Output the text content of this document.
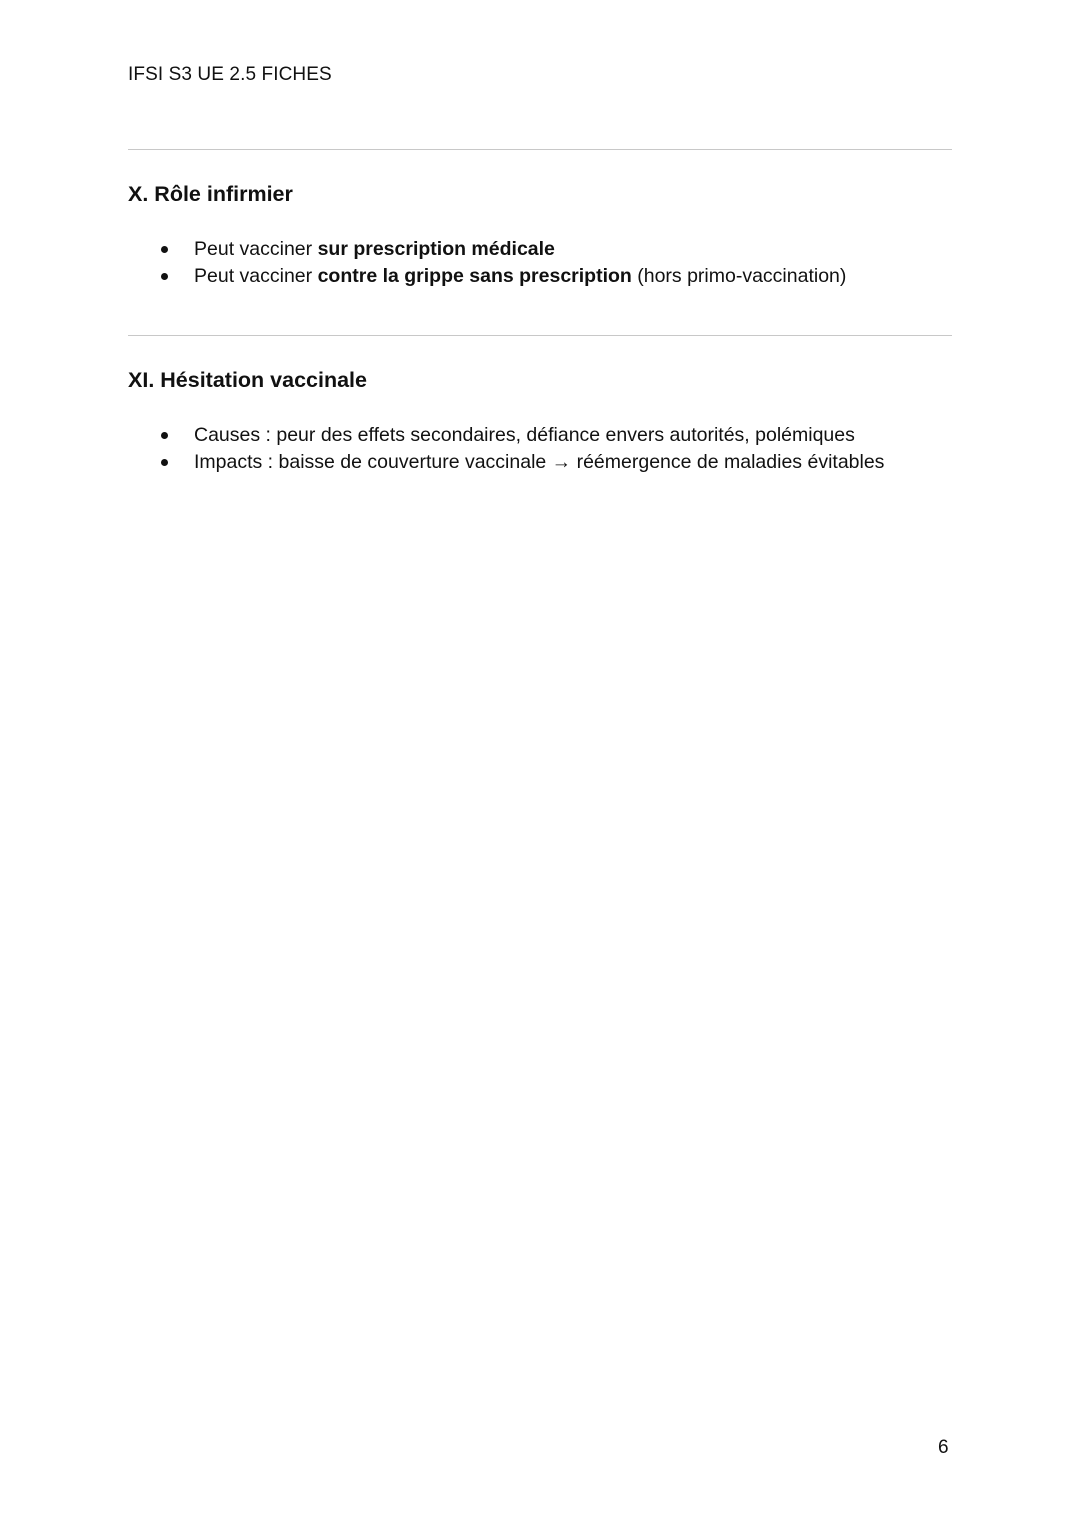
IFSI S3 UE 2.5 FICHES
X. Rôle infirmier
Peut vacciner sur prescription médicale
Peut vacciner contre la grippe sans prescription (hors primo-vaccination)
XI. Hésitation vaccinale
Causes : peur des effets secondaires, défiance envers autorités, polémiques
Impacts : baisse de couverture vaccinale → réémergence de maladies évitables
6
